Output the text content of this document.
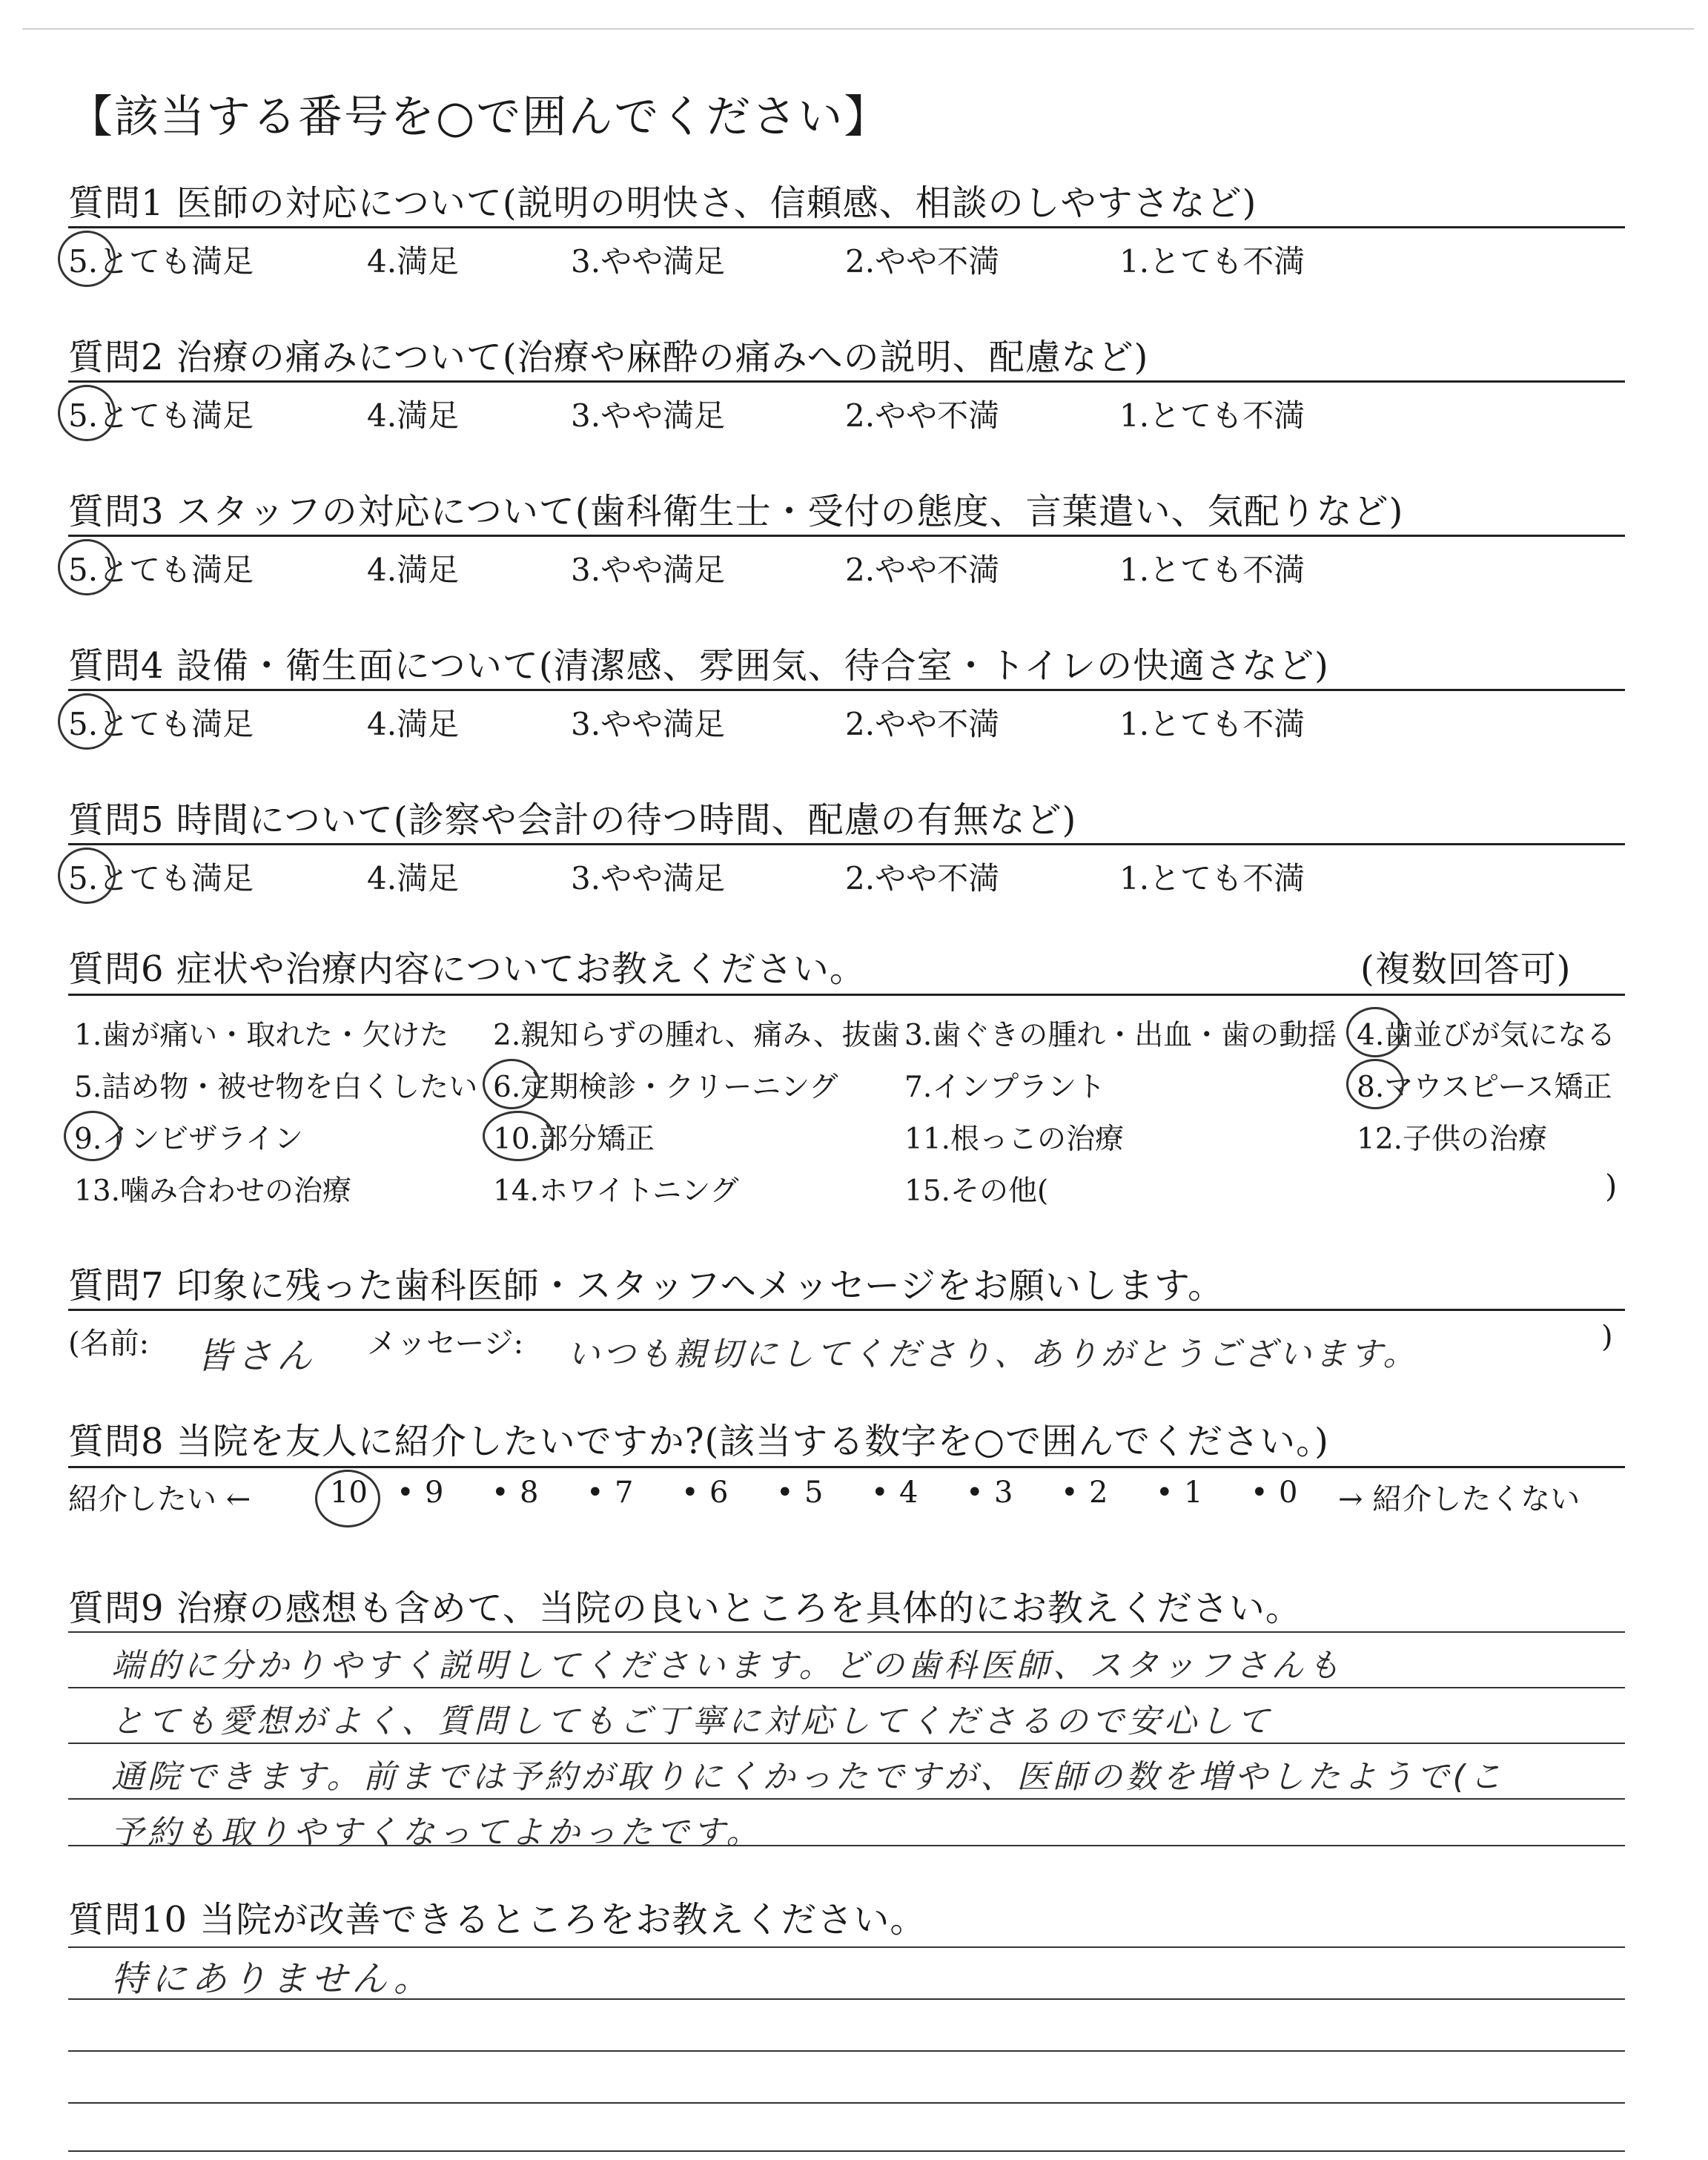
【該当する番号を○で囲んでください】
質問1 医師の対応について(説明の明快さ、信頼感、相談のしやすさなど)
5.とても満足	4.満足	3.やや満足	2.やや不満	1.とても不満
質問2 治療の痛みについて(治療や麻酔の痛みへの説明、配慮など)
5.とても満足	4.満足	3.やや満足	2.やや不満	1.とても不満
質問3 スタッフの対応について(歯科衛生士・受付の態度、言葉遣い、気配りなど)
5.とても満足	4.満足	3.やや満足	2.やや不満	1.とても不満
質問4 設備・衛生面について(清潔感、雰囲気、待合室・トイレの快適さなど)
5.とても満足	4.満足	3.やや満足	2.やや不満	1.とても不満
質問5 時間について(診察や会計の待つ時間、配慮の有無など)
5.とても満足	4.満足	3.やや満足	2.やや不満	1.とても不満
質問6 症状や治療内容についてお教えください。	(複数回答可)
1.歯が痛い・取れた・欠けた 2.親知らずの腫れ、痛み、抜歯 3.歯ぐきの腫れ・出血・歯の動揺 4.歯並びが気になる
5.詰め物・被せ物を白くしたい 6.定期検診・クリーニング 7.インプラント	8.マウスピース矯正
9.インビザライン	10.部分矯正	11.根っこの治療	12.子供の治療
13.噛み合わせの治療	14.ホワイトニング	15.その他(	)
質問7 印象に残った歯科医師・スタッフへメッセージをお願いします。
(名前: 皆さん メッセージ: いつも親切にしてくださり、ありがとうございます。	)
質問8 当院を友人に紹介したいですか?(該当する数字を○で囲んでください。)
紹介したい ←	10 • 9 • 8 • 7 • 6 • 5 • 4 • 3 • 2 • 1 • 0 → 紹介したくない
質問9 治療の感想も含めて、当院の良いところを具体的にお教えください。
端的に分かりやすく説明してくださいます。どの歯科医師、スタッフさんも
とても愛想がよく、質問してもご丁寧に対応してくださるので安心して
通院できます。前までは予約が取りにくかったですが、医師の数を増やしたようで(こ
予約も取りやすくなってよかったです。
質問10 当院が改善できるところをお教えください。
特にありません。
